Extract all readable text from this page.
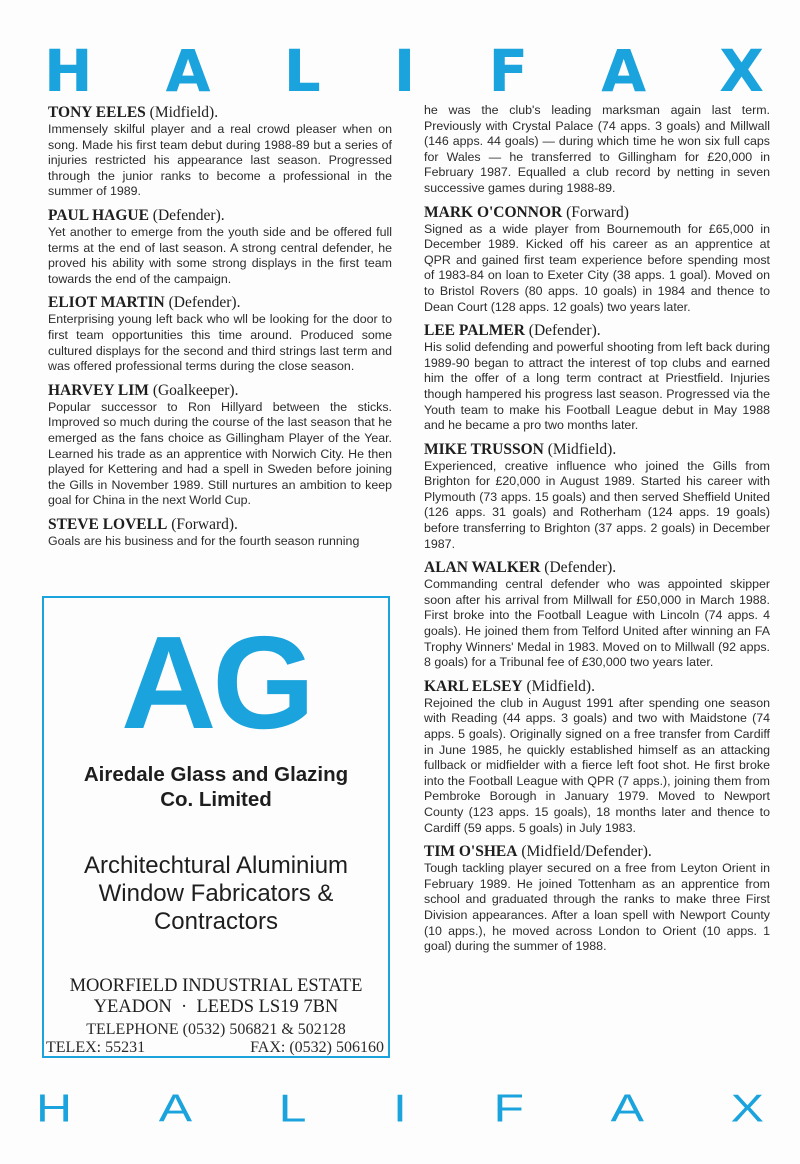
H A L I F A X

TONY EELES (Midfield).

Immensely skilful player and a real crowd pleaser when on song. Made his first team debut during 1988-89 but a series of injuries restricted his appearance last season. Progressed through the junior ranks to become a professional in the summer of 1989.

PAUL HAGUE (Defender).

Yet another to emerge from the youth side and be offered full terms at the end of last season. A strong central defender, he proved his ability with some strong displays in the first team towards the end of the campaign.

ELIOT MARTIN (Defender).

Enterprising young left back who wll be looking for the door to first team opportunities this time around. Produced some cultured displays for the second and third strings last term and was offered professional terms during the close season.

HARVEY LIM (Goalkeeper).

Popular successor to Ron Hillyard between the sticks. Improved so much during the course of the last season that he emerged as the fans choice as Gillingham Player of the Year. Learned his trade as an apprentice with Norwich City. He then played for Kettering and had a spell in Sweden before joining the Gills in November 1989. Still nurtures an ambition to keep goal for China in the next World Cup.

STEVE LOVELL (Forward).

Goals are his business and for the fourth season running

he was the club's leading marksman again last term. Previously with Crystal Palace (74 apps. 3 goals) and Millwall (146 apps. 44 goals) — during which time he won six full caps for Wales — he transferred to Gillingham for £20,000 in February 1987. Equalled a club record by netting in seven successive games during 1988-89.

MARK O'CONNOR (Forward)

Signed as a wide player from Bournemouth for £65,000 in December 1989. Kicked off his career as an apprentice at QPR and gained first team experience before spending most of 1983-84 on loan to Exeter City (38 apps. 1 goal). Moved on to Bristol Rovers (80 apps. 10 goals) in 1984 and thence to Dean Court (128 apps. 12 goals) two years later.

LEE PALMER (Defender).

His solid defending and powerful shooting from left back during 1989-90 began to attract the interest of top clubs and earned him the offer of a long term contract at Priestfield. Injuries though hampered his progress last season. Progressed via the Youth team to make his Football League debut in May 1988 and he became a pro two months later.

MIKE TRUSSON (Midfield).

Experienced, creative influence who joined the Gills from Brighton for £20,000 in August 1989. Started his career with Plymouth (73 apps. 15 goals) and then served Sheffield United (126 apps. 31 goals) and Rotherham (124 apps. 19 goals) before transferring to Brighton (37 apps. 2 goals) in December 1987.

ALAN WALKER (Defender).

Commanding central defender who was appointed skipper soon after his arrival from Millwall for £50,000 in March 1988. First broke into the Football League with Lincoln (74 apps. 4 goals). He joined them from Telford United after winning an FA Trophy Winners' Medal in 1983. Moved on to Millwall (92 apps. 8 goals) for a Tribunal fee of £30,000 two years later.

KARL ELSEY (Midfield).

Rejoined the club in August 1991 after spending one season with Reading (44 apps. 3 goals) and two with Maidstone (74 apps. 5 goals). Originally signed on a free transfer from Cardiff in June 1985, he quickly established himself as an attacking fullback or midfielder with a fierce left foot shot. He first broke into the Football League with QPR (7 apps.), joining them from Pembroke Borough in January 1979. Moved to Newport County (123 apps. 15 goals), 18 months later and thence to Cardiff (59 apps. 5 goals) in July 1983.

TIM O'SHEA (Midfield/Defender).

Tough tackling player secured on a free from Leyton Orient in February 1989. He joined Tottenham as an apprentice from school and graduated through the ranks to make three First Division appearances. After a loan spell with Newport County (10 apps.), he moved across London to Orient (10 apps. 1 goal) during the summer of 1988.

AG
Airedale Glass and Glazing
Co. Limited
Architechtural Aluminium
Window Fabricators &
Contractors
MOORFIELD INDUSTRIAL ESTATE
YEADON  ·  LEEDS LS19 7BN
TELEPHONE (0532) 506821 & 502128
TELEX: 55231	FAX: (0532) 506160
H A L I F A X
